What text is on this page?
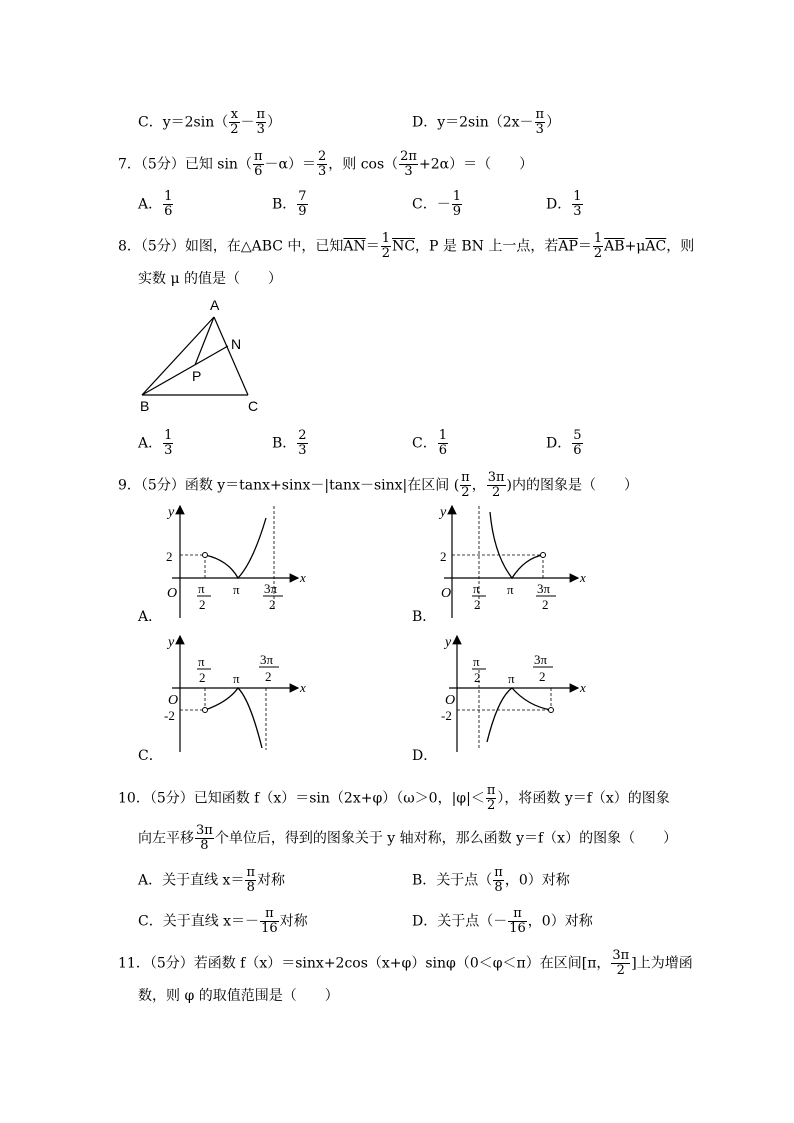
C．$y=2\sin( \frac{x}{2} - \frac{\pi}{3}$ ）	D．$y=2\sin(2x- \frac{\pi}{3}$ ）
7．（5分）已知 $\sin( \frac{\pi}{6} -\alpha)= \frac{2}{3}$ ，则 $\cos( \frac{2\pi}{3} +2\alpha)=$（　　）
A． $\frac{1}{6}$	B． $\frac{7}{9}$	C．－ $\frac{1}{9}$	D． $\frac{1}{3}$
8．（5分）如图，在△ABC 中，已知$\overline{AN}= \frac{1}{2} \overline{NC}$，P 是 BN 上一点，若$\overline{AP}= \frac{1}{2} \overline{AB}+\mu\overline{AC}$，则
实数 μ 的值是（　　）
A
N
P
B	C
A． $\frac{1}{3}$	B． $\frac{2}{3}$	C． $\frac{1}{6}$	D． $\frac{5}{6}$
9．（5分）函数 y＝tanx+sinx－|tanx－sinx|在区间 ( $\frac{\pi}{2}$ ， $\frac{3\pi}{2}$ )内的图象是（　　）
y
x
O
2
π
2
π 3π
2
A．
y
x
O
2
π
2
π 3π
2
B．
y
x
O
-2
π
2 π
3π
2
C．
y
x
O
-2
π
2 π
3π
2
D．
10．（5分）已知函数 f（x）＝sin（2x+φ）（ω＞0，$|\varphi|< \frac{\pi}{2}$ ），将函数 y＝f（x）的图象
向左平移 $\frac{3\pi}{8}$ 个单位后，得到的图象关于 y 轴对称，那么函数 y＝f（x）的图象（　　）
A．关于直线 $x= \frac{\pi}{8}$ 对称	B．关于点（ $\frac{\pi}{8}$ ，0）对称
C．关于直线 $x=- \frac{\pi}{16}$ 对称	D．关于点（－ $\frac{\pi}{16}$ ，0）对称
11．（5分）若函数 f（x）＝sinx+2cos（x+φ）sinφ（0＜φ＜π）在区间[π， $\frac{3\pi}{2}$ ]上为增函
数，则 φ 的取值范围是（　　）
